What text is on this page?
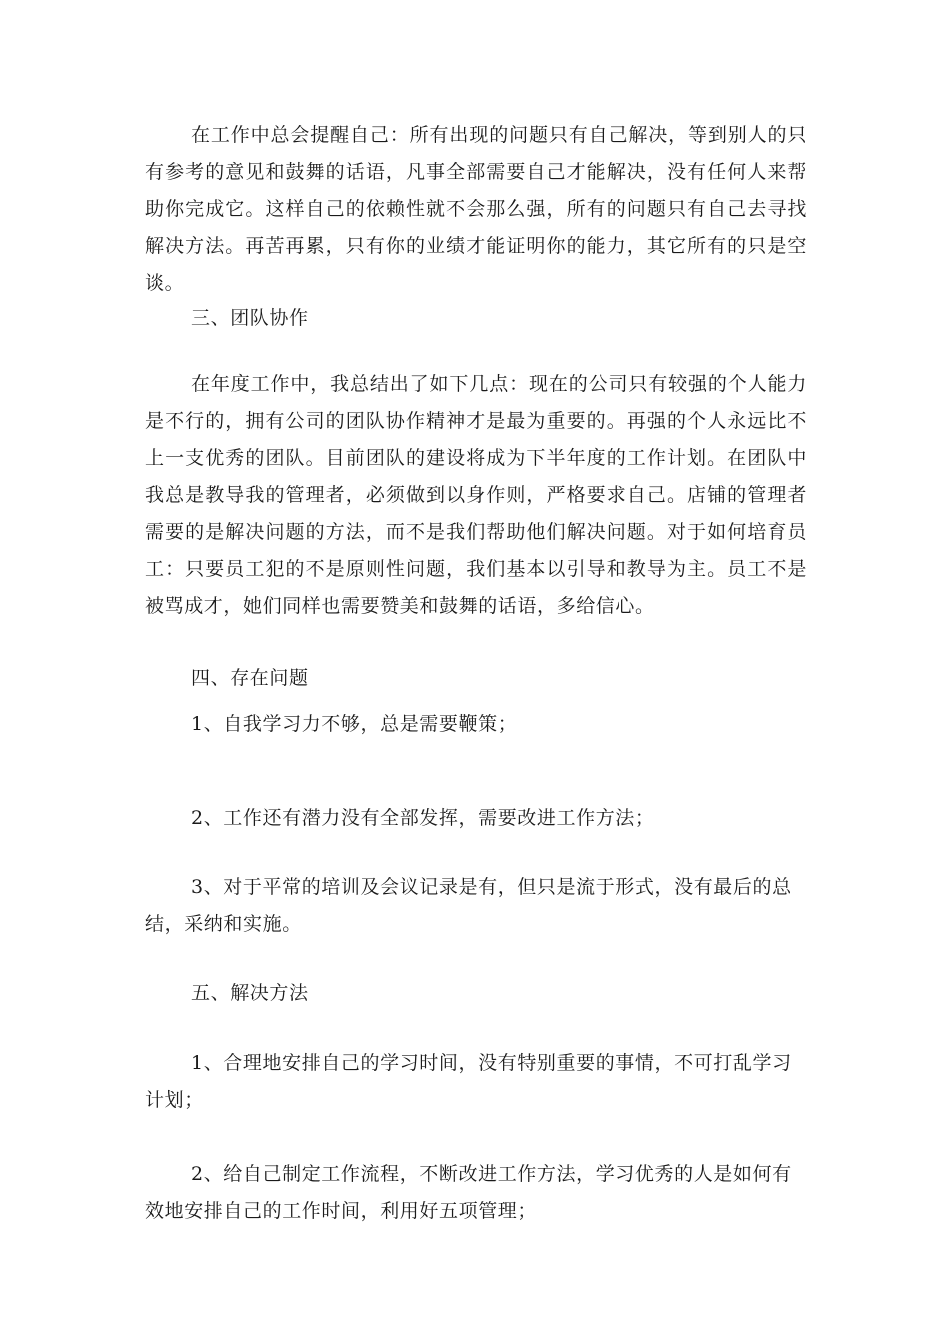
在工作中总会提醒自己：所有出现的问题只有自己解决，等到别人的只有参考的意见和鼓舞的话语，凡事全部需要自己才能解决，没有任何人来帮助你完成它。这样自己的依赖性就不会那么强，所有的问题只有自己去寻找解决方法。再苦再累，只有你的业绩才能证明你的能力，其它所有的只是空谈。

三、团队协作

在年度工作中，我总结出了如下几点：现在的公司只有较强的个人能力是不行的，拥有公司的团队协作精神才是最为重要的。再强的个人永远比不上一支优秀的团队。目前团队的建设将成为下半年度的工作计划。在团队中我总是教导我的管理者，必须做到以身作则，严格要求自己。店铺的管理者需要的是解决问题的方法，而不是我们帮助他们解决问题。对于如何培育员工：只要员工犯的不是原则性问题，我们基本以引导和教导为主。员工不是被骂成才，她们同样也需要赞美和鼓舞的话语，多给信心。

四、存在问题

1、自我学习力不够，总是需要鞭策；

2、工作还有潜力没有全部发挥，需要改进工作方法；

3、对于平常的培训及会议记录是有，但只是流于形式，没有最后的总结，采纳和实施。

五、解决方法

1、合理地安排自己的学习时间，没有特别重要的事情，不可打乱学习计划；

2、给自己制定工作流程，不断改进工作方法，学习优秀的人是如何有效地安排自己的工作时间，利用好五项管理；
